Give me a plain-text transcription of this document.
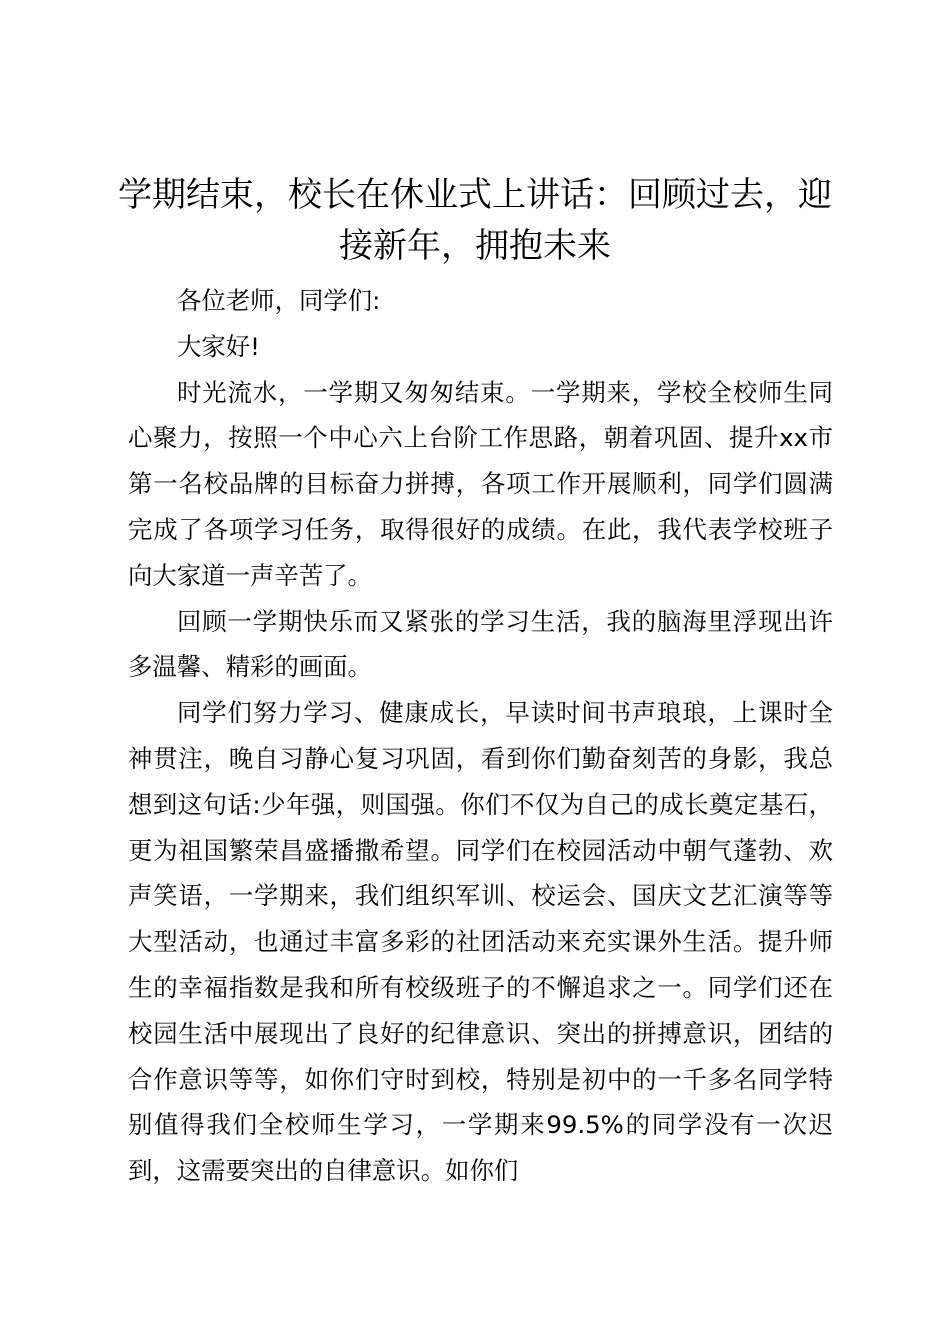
学期结束，校长在休业式上讲话：回顾过去，迎接新年，拥抱未来

各位老师，同学们:

大家好!

时光流水，一学期又匆匆结束。一学期来，学校全校师生同心聚力，按照一个中心六上台阶工作思路，朝着巩固、提升xx市第一名校品牌的目标奋力拼搏，各项工作开展顺利，同学们圆满完成了各项学习任务，取得很好的成绩。在此，我代表学校班子向大家道一声辛苦了。

回顾一学期快乐而又紧张的学习生活，我的脑海里浮现出许多温馨、精彩的画面。

同学们努力学习、健康成长，早读时间书声琅琅，上课时全神贯注，晚自习静心复习巩固，看到你们勤奋刻苦的身影，我总想到这句话:少年强，则国强。你们不仅为自己的成长奠定基石，更为祖国繁荣昌盛播撒希望。同学们在校园活动中朝气蓬勃、欢声笑语，一学期来，我们组织军训、校运会、国庆文艺汇演等等大型活动，也通过丰富多彩的社团活动来充实课外生活。提升师生的幸福指数是我和所有校级班子的不懈追求之一。同学们还在校园生活中展现出了良好的纪律意识、突出的拼搏意识，团结的合作意识等等，如你们守时到校，特别是初中的一千多名同学特别值得我们全校师生学习，一学期来99.5%的同学没有一次迟到，这需要突出的自律意识。如你们
